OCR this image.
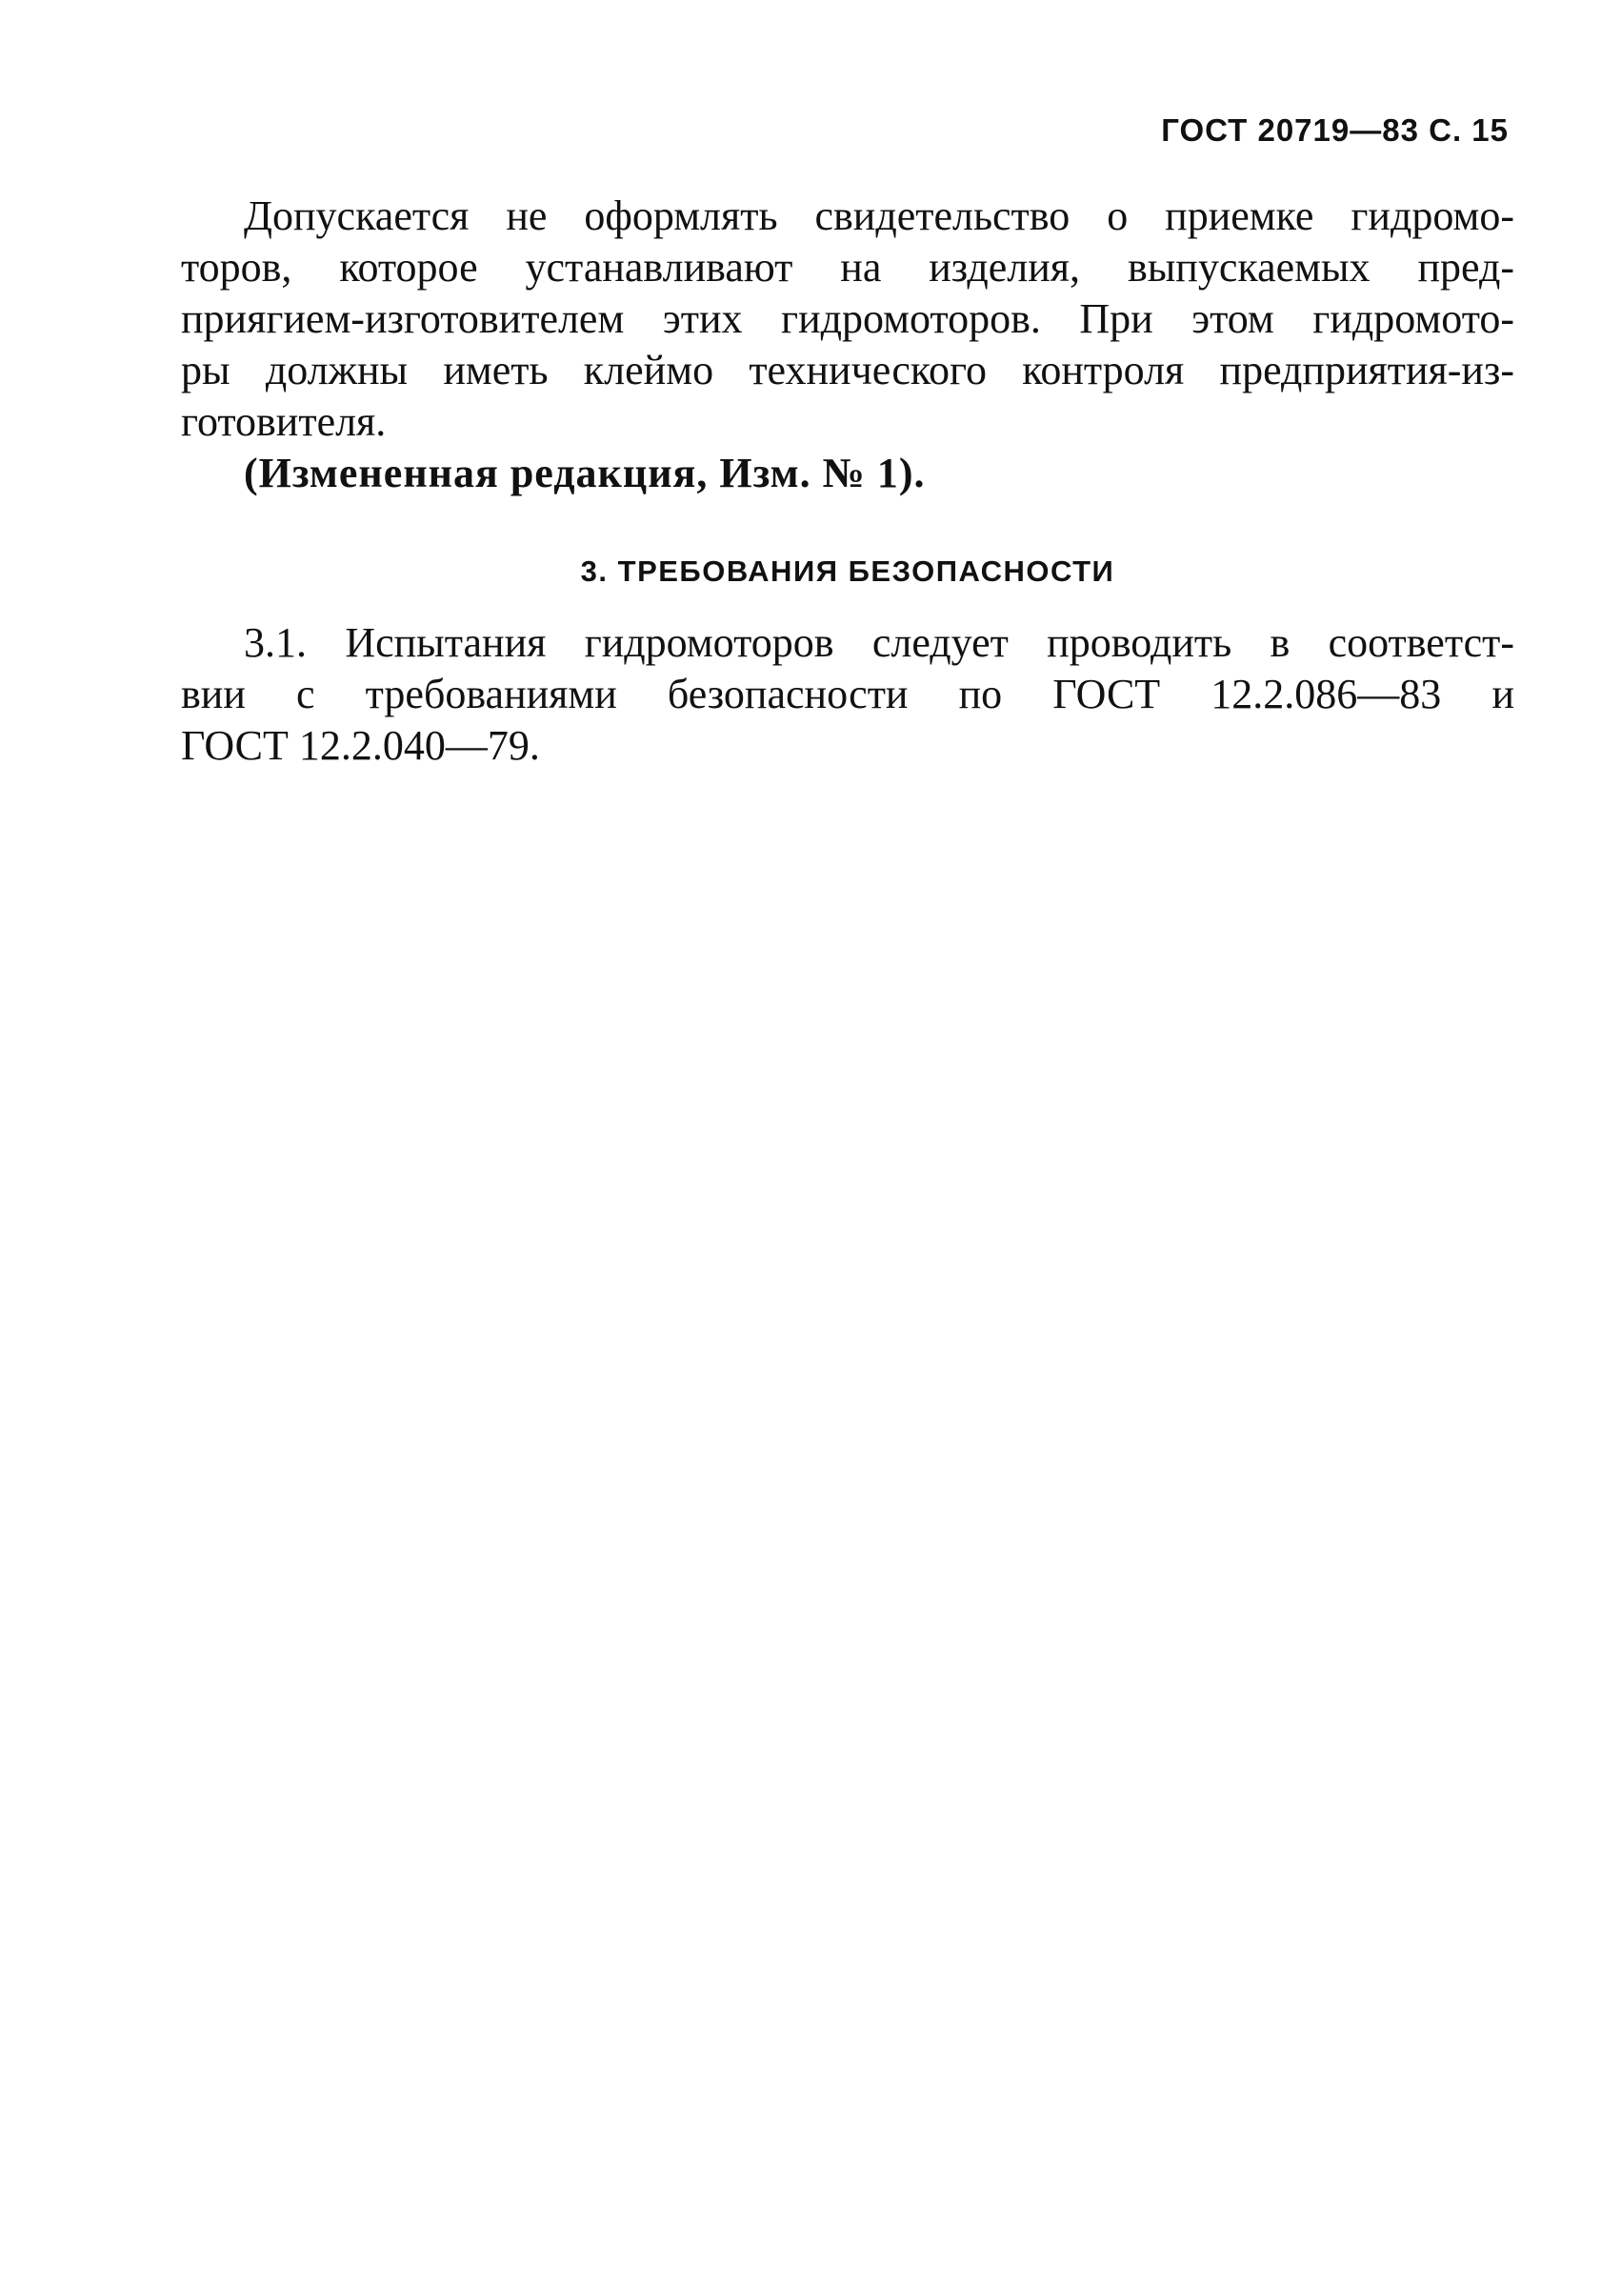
ГОСТ 20719—83 С. 15
Допускается не оформлять свидетельство о приемке гидромо-
торов, которое устанавливают на изделия, выпускаемых пред-
приягием-изготовителем этих гидромоторов. При этом гидромото-
ры должны иметь клеймо технического контроля предприятия-из-
готовителя.
(Измененная редакция, Изм. № 1).
3. ТРЕБОВАНИЯ БЕЗОПАСНОСТИ
3.1. Испытания гидромоторов следует проводить в соответст-
вии с требованиями безопасности по ГОСТ 12.2.086—83 и
ГОСТ 12.2.040—79.
